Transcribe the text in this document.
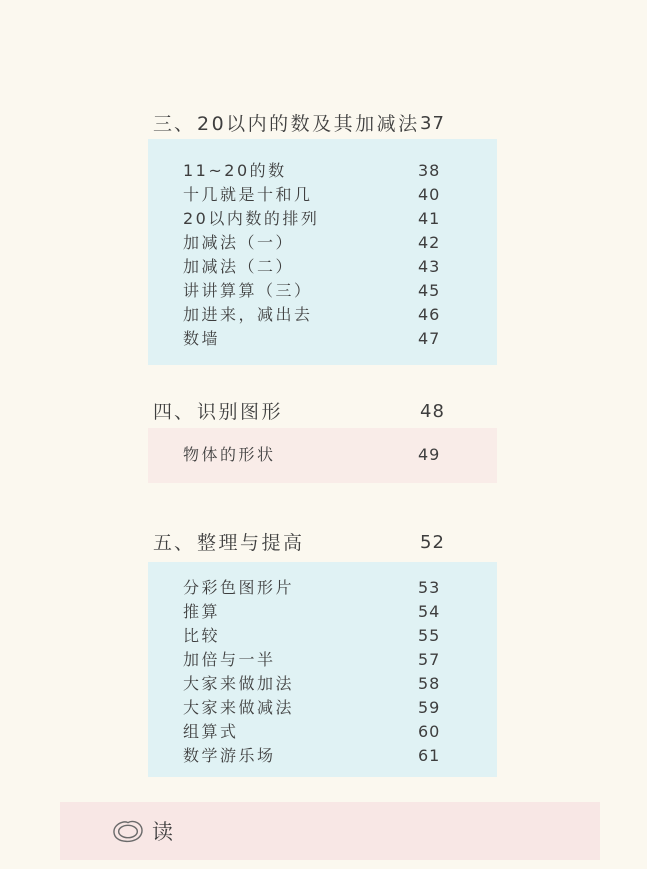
三、 20以内的数及其加减法 37
11~20的数	38
十几就是十和几	40
20以内数的排列	41
加减法（一）	42
加减法（二）	43
讲讲算算（三）	45
加进来，减出去	46
数墙	47
四、 识别图形	48
物体的形状	49
五、 整理与提高	52
分彩色图形片	53
推算	54
比较	55
加倍与一半	57
大家来做加法	58
大家来做减法	59
组算式	60
数学游乐场	61
读
